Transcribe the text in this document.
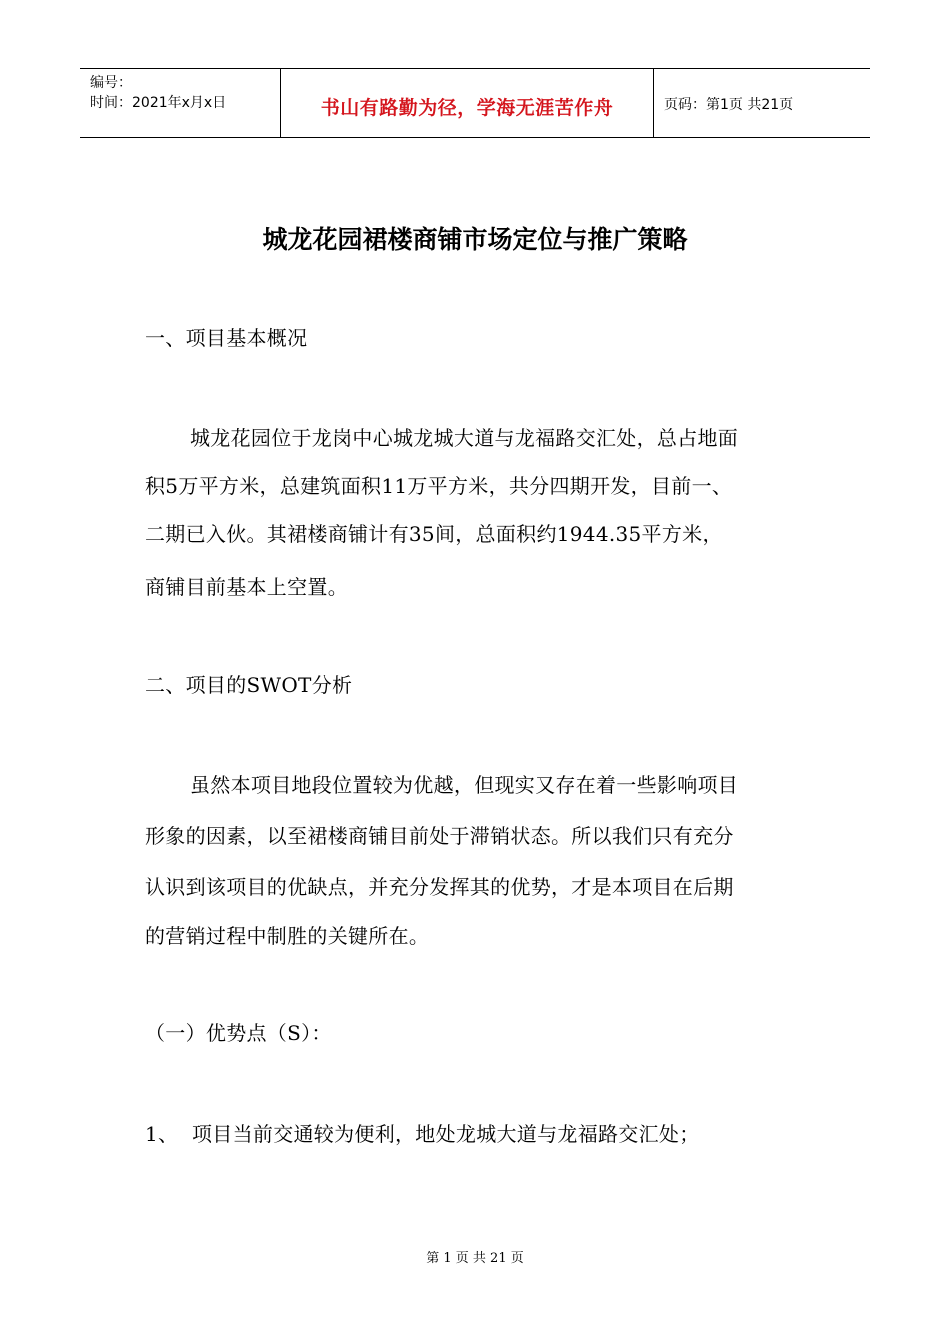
编号：
时间：2021年x月x日	书山有路勤为径，学海无涯苦作舟	页码：第1页 共21页
城龙花园裙楼商铺市场定位与推广策略
一、项目基本概况
城龙花园位于龙岗中心城龙城大道与龙福路交汇处，总占地面
积5万平方米，总建筑面积11万平方米，共分四期开发，目前一、
二期已入伙。其裙楼商铺计有35间，总面积约1944.35平方米，
商铺目前基本上空置。
二、项目的SWOT分析
虽然本项目地段位置较为优越，但现实又存在着一些影响项目
形象的因素，以至裙楼商铺目前处于滞销状态。所以我们只有充分
认识到该项目的优缺点，并充分发挥其的优势，才是本项目在后期
的营销过程中制胜的关键所在。
（一）优势点（S）：
1、 项目当前交通较为便利，地处龙城大道与龙福路交汇处；
第 1 页 共 21 页
